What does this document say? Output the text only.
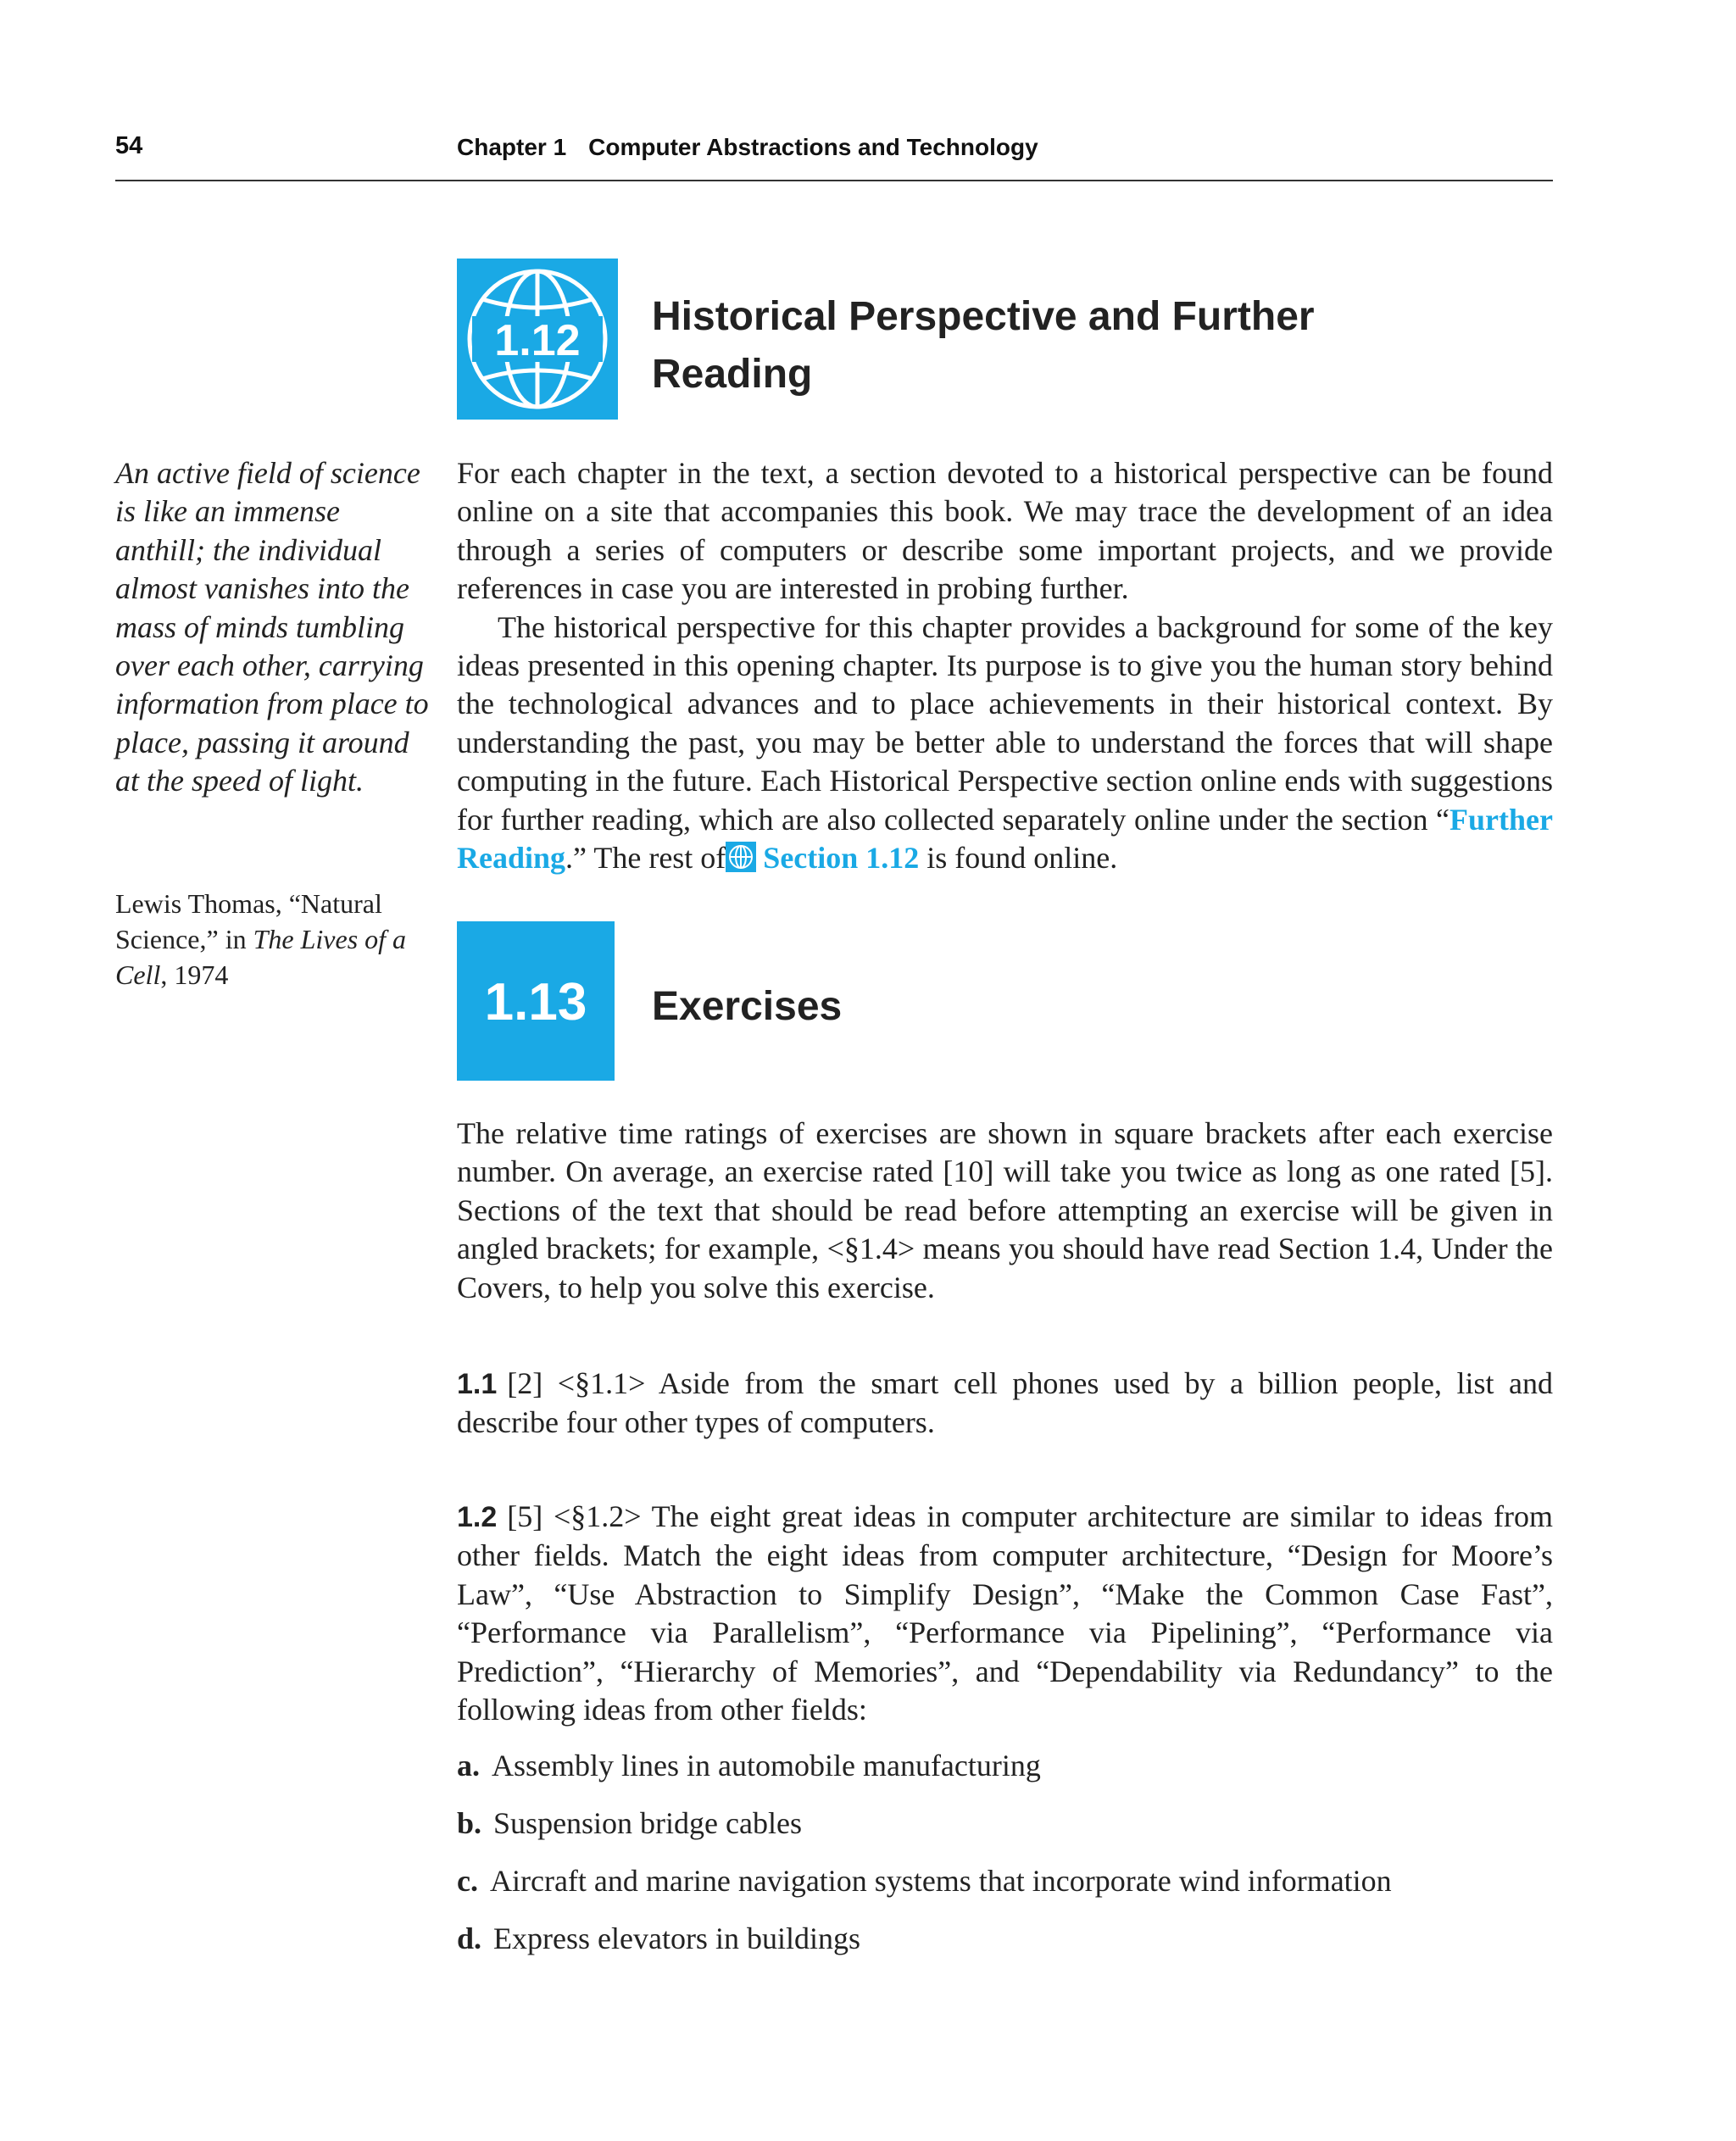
54	Chapter 1 Computer Abstractions and Technology
1.12 Historical Perspective and Further
Reading

For each chapter in the text, a section devoted to a historical perspective can be found online on a site that accompanies this book. We may trace the development of an idea through a series of computers or describe some important projects, and we provide references in case you are interested in probing further.

The historical perspective for this chapter provides a background for some of the key ideas presented in this opening chapter. Its purpose is to give you the human story behind the technological advances and to place achievements in their historical context. By understanding the past, you may be better able to understand the forces that will shape computing in the future. Each Historical Perspective section online ends with suggestions for further reading, which are also collected separately online under the section “Further Reading.” The rest of Section 1.12 is found online.

An active field of science is like an immense anthill; the individual almost vanishes into the mass of minds tumbling over each other, carrying information from place to place, passing it around at the speed of light.
Lewis Thomas, “Natural Science,” in The Lives of a Cell, 1974	1.13	Exercises
The relative time ratings of exercises are shown in square brackets after each exercise number. On average, an exercise rated [10] will take you twice as long as one rated [5]. Sections of the text that should be read before attempting an exercise will be given in angled brackets; for example, <§1.4> means you should have read Section 1.4, Under the Covers, to help you solve this exercise.
1.1 [2] <§1.1> Aside from the smart cell phones used by a billion people, list and describe four other types of computers.
1.2 [5] <§1.2> The eight great ideas in computer architecture are similar to ideas from other fields. Match the eight ideas from computer architecture, “Design for Moore’s Law”, “Use Abstraction to Simplify Design”, “Make the Common Case Fast”, “Performance via Parallelism”, “Performance via Pipelining”, “Performance via Prediction”, “Hierarchy of Memories”, and “Dependability via Redundancy” to the following ideas from other fields:
a. Assembly lines in automobile manufacturing
b. Suspension bridge cables
c. Aircraft and marine navigation systems that incorporate wind information
d. Express elevators in buildings
